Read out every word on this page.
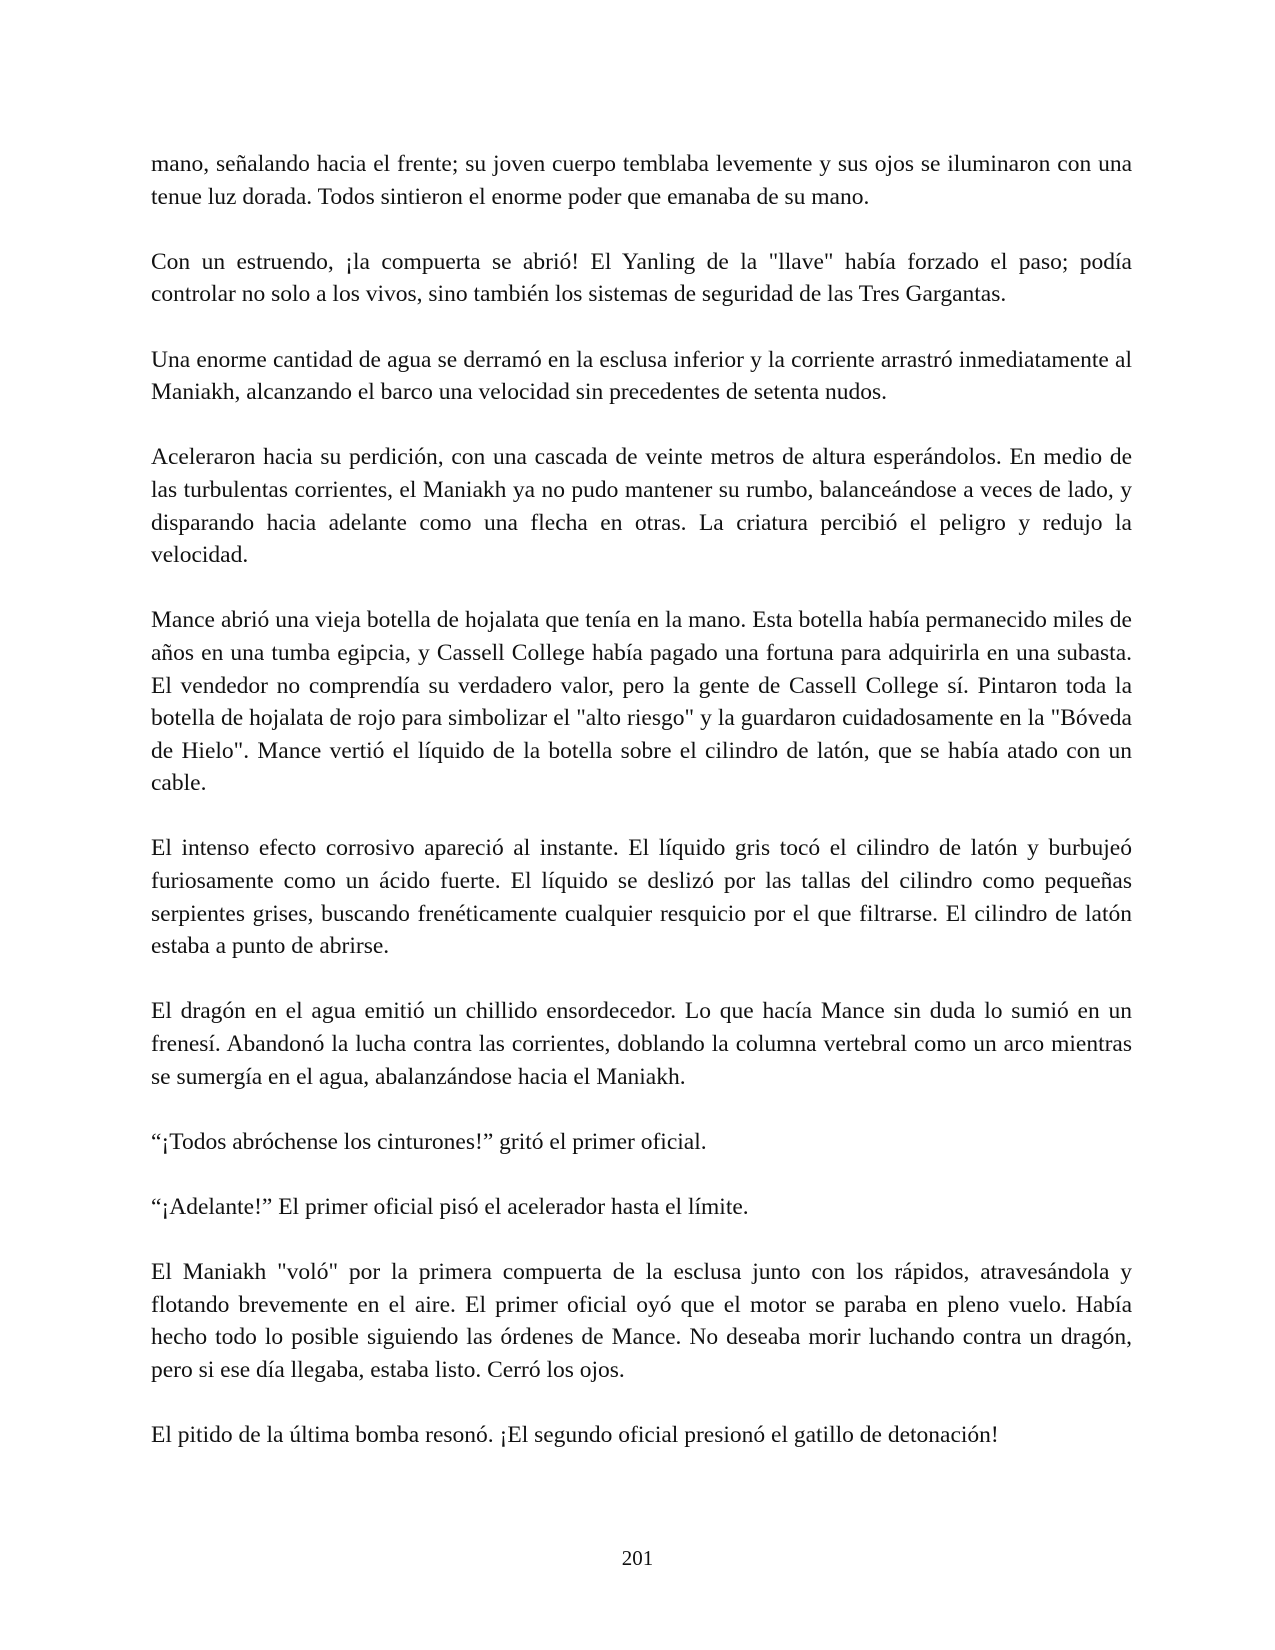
mano, señalando hacia el frente; su joven cuerpo temblaba levemente y sus ojos se iluminaron con una tenue luz dorada. Todos sintieron el enorme poder que emanaba de su mano.

Con un estruendo, ¡la compuerta se abrió! El Yanling de la "llave" había forzado el paso; podía controlar no solo a los vivos, sino también los sistemas de seguridad de las Tres Gargantas.

Una enorme cantidad de agua se derramó en la esclusa inferior y la corriente arrastró inmediatamente al Maniakh, alcanzando el barco una velocidad sin precedentes de setenta nudos.

Aceleraron hacia su perdición, con una cascada de veinte metros de altura esperándolos. En medio de las turbulentas corrientes, el Maniakh ya no pudo mantener su rumbo, balanceándose a veces de lado, y disparando hacia adelante como una flecha en otras. La criatura percibió el peligro y redujo la velocidad.

Mance abrió una vieja botella de hojalata que tenía en la mano. Esta botella había permanecido miles de años en una tumba egipcia, y Cassell College había pagado una fortuna para adquirirla en una subasta. El vendedor no comprendía su verdadero valor, pero la gente de Cassell College sí. Pintaron toda la botella de hojalata de rojo para simbolizar el "alto riesgo" y la guardaron cuidadosamente en la "Bóveda de Hielo". Mance vertió el líquido de la botella sobre el cilindro de latón, que se había atado con un cable.

El intenso efecto corrosivo apareció al instante. El líquido gris tocó el cilindro de latón y burbujeó furiosamente como un ácido fuerte. El líquido se deslizó por las tallas del cilindro como pequeñas serpientes grises, buscando frenéticamente cualquier resquicio por el que filtrarse. El cilindro de latón estaba a punto de abrirse.

El dragón en el agua emitió un chillido ensordecedor. Lo que hacía Mance sin duda lo sumió en un frenesí. Abandonó la lucha contra las corrientes, doblando la columna vertebral como un arco mientras se sumergía en el agua, abalanzándose hacia el Maniakh.

“¡Todos abróchense los cinturones!” gritó el primer oficial.

“¡Adelante!” El primer oficial pisó el acelerador hasta el límite.

El Maniakh "voló" por la primera compuerta de la esclusa junto con los rápidos, atravesándola y flotando brevemente en el aire. El primer oficial oyó que el motor se paraba en pleno vuelo. Había hecho todo lo posible siguiendo las órdenes de Mance. No deseaba morir luchando contra un dragón, pero si ese día llegaba, estaba listo. Cerró los ojos.

El pitido de la última bomba resonó. ¡El segundo oficial presionó el gatillo de detonación!

201
